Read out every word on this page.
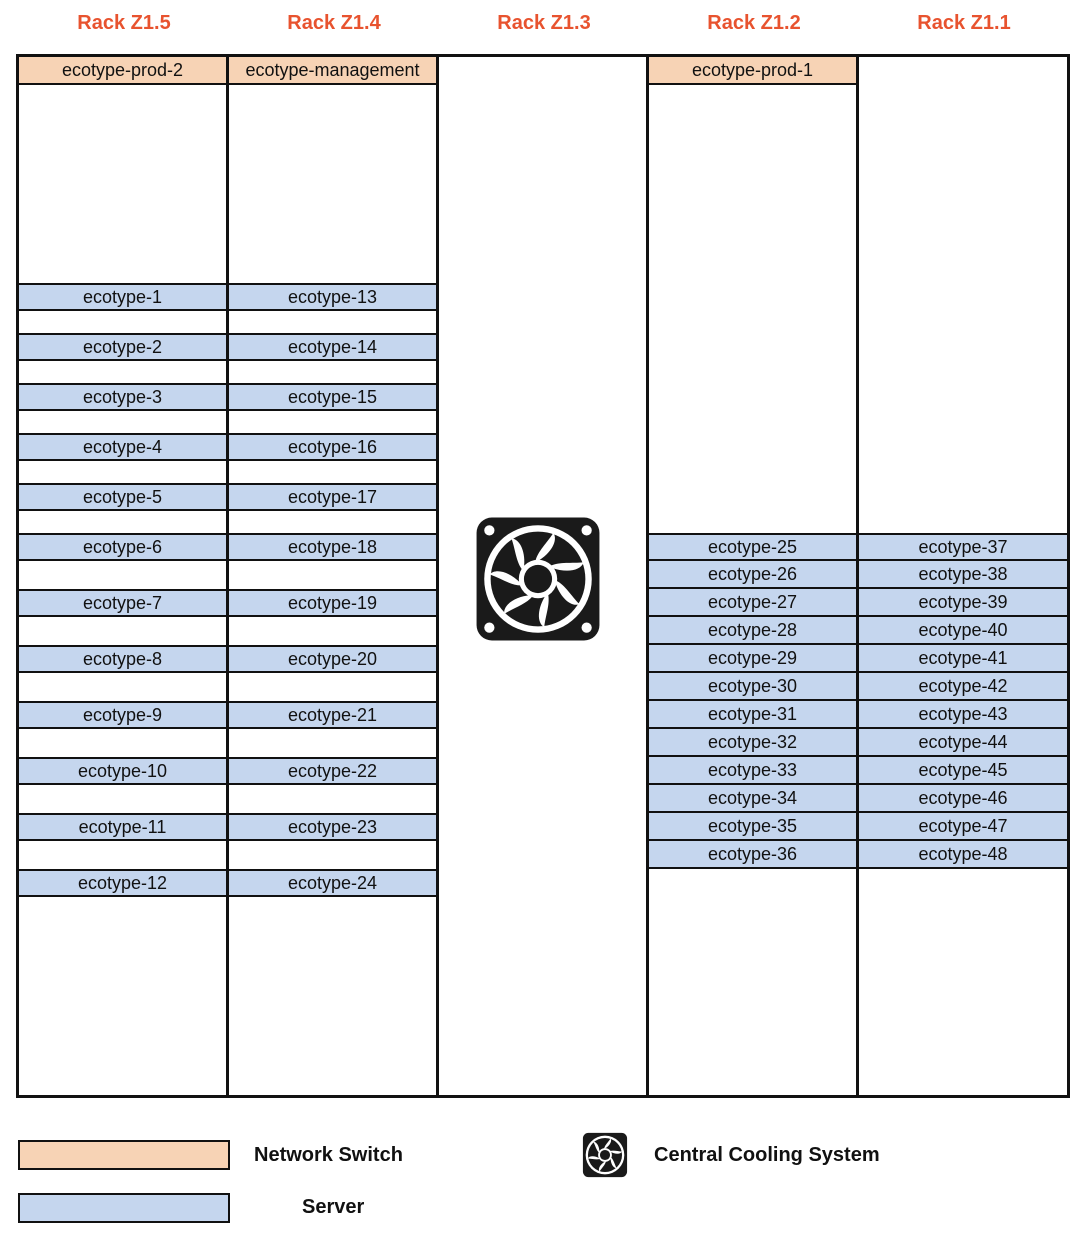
Rack Z1.5	Rack Z1.4	Rack Z1.3	Rack Z1.2	Rack Z1.1
ecotype-prod-2
ecotype-1
ecotype-2
ecotype-3
ecotype-4
ecotype-5
ecotype-6
ecotype-7
ecotype-8
ecotype-9
ecotype-10
ecotype-11
ecotype-12
ecotype-management
ecotype-13
ecotype-14
ecotype-15
ecotype-16
ecotype-17
ecotype-18
ecotype-19
ecotype-20
ecotype-21
ecotype-22
ecotype-23
ecotype-24
ecotype-prod-1
ecotype-25
ecotype-26
ecotype-27
ecotype-28
ecotype-29
ecotype-30
ecotype-31
ecotype-32
ecotype-33
ecotype-34
ecotype-35
ecotype-36
ecotype-37
ecotype-38
ecotype-39
ecotype-40
ecotype-41
ecotype-42
ecotype-43
ecotype-44
ecotype-45
ecotype-46
ecotype-47
ecotype-48
Network Switch
Server
Central Cooling System
